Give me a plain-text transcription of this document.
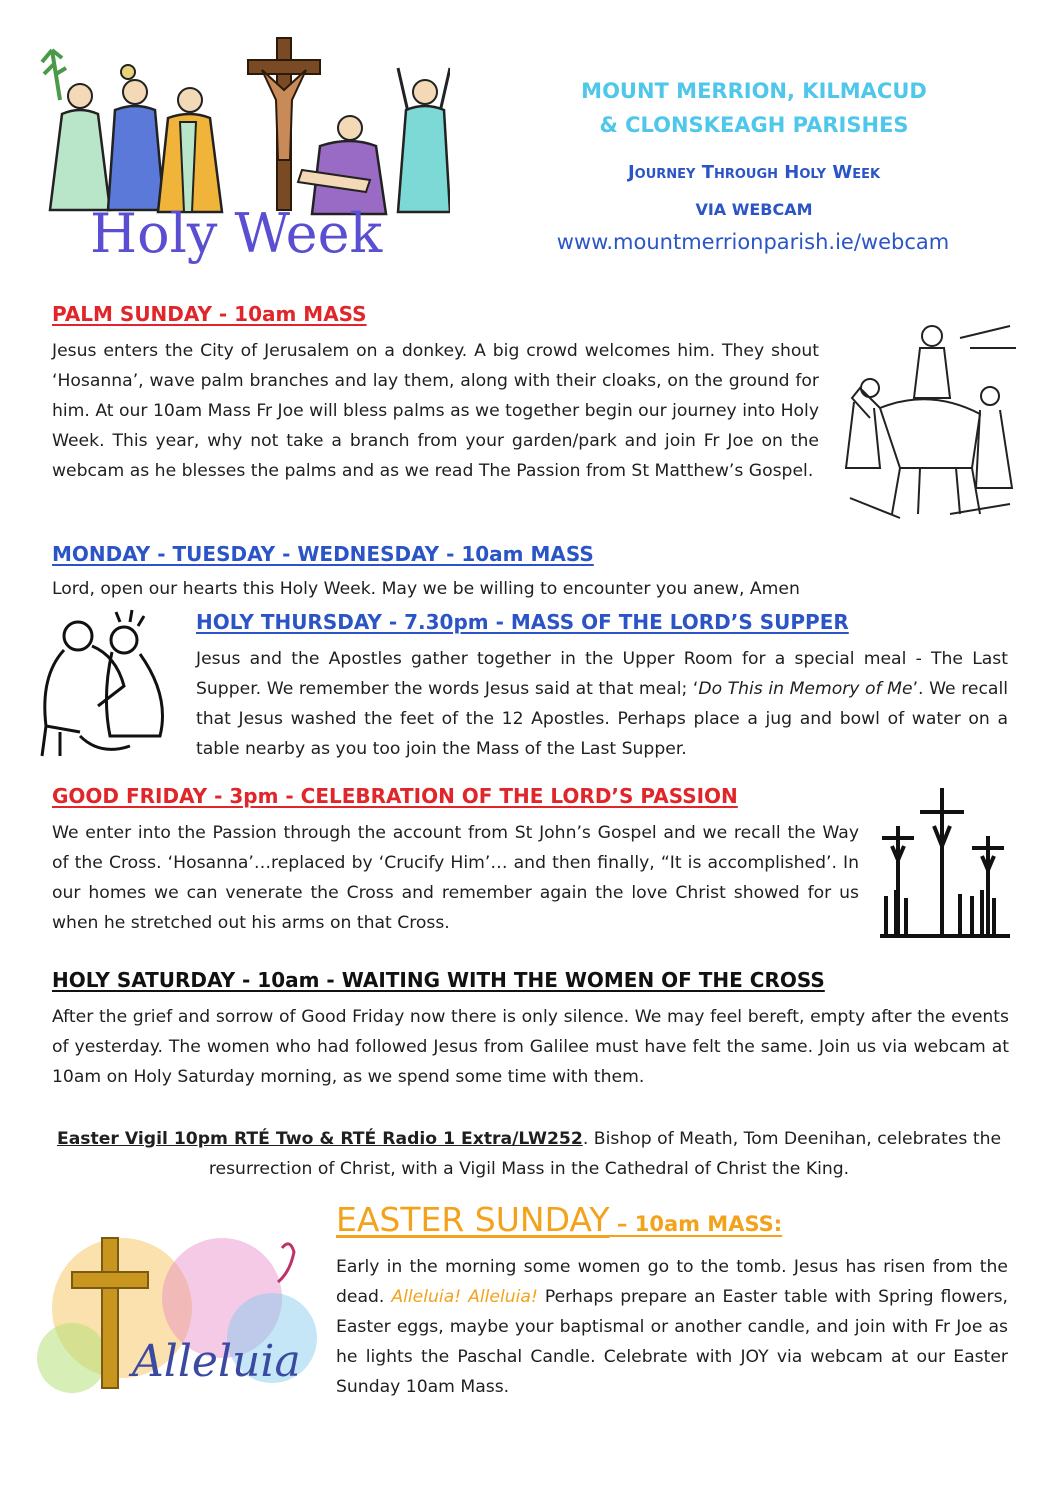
Holy Week
MOUNT MERRION, KILMACUD
& CLONSKEAGH PARISHES
Journey Through Holy Week
VIA WEBCAM
www.mountmerrionparish.ie/webcam
PALM SUNDAY - 10am MASS

Jesus enters the City of Jerusalem on a donkey. A big crowd welcomes him. They shout ‘Hosanna’, wave palm branches and lay them, along with their cloaks, on the ground for him. At our 10am Mass Fr Joe will bless palms as we together begin our journey into Holy Week. This year, why not take a branch from your garden/park and join Fr Joe on the webcam as he blesses the palms and as we read The Passion from St Matthew’s Gospel.

MONDAY - TUESDAY - WEDNESDAY - 10am MASS

Lord, open our hearts this Holy Week. May we be willing to encounter you anew, Amen

HOLY THURSDAY - 7.30pm - MASS OF THE LORD’S SUPPER

Jesus and the Apostles gather together in the Upper Room for a special meal - The Last Supper. We remember the words Jesus said at that meal; ‘Do This in Memory of Me’. We recall that Jesus washed the feet of the 12 Apostles. Perhaps place a jug and bowl of water on a table nearby as you too join the Mass of the Last Supper.

GOOD FRIDAY - 3pm - CELEBRATION OF THE LORD’S PASSION

We enter into the Passion through the account from St John’s Gospel and we recall the Way of the Cross. ‘Hosanna’…replaced by ‘Crucify Him’… and then finally, “It is accomplished’. In our homes we can venerate the Cross and remember again the love Christ showed for us when he stretched out his arms on that Cross.

HOLY SATURDAY - 10am - WAITING WITH THE WOMEN OF THE CROSS

After the grief and sorrow of Good Friday now there is only silence. We may feel bereft, empty after the events of yesterday. The women who had followed Jesus from Galilee must have felt the same. Join us via webcam at 10am on Holy Saturday morning, as we spend some time with them.

Easter Vigil 10pm RTÉ Two & RTÉ Radio 1 Extra/LW252. Bishop of Meath, Tom Deenihan, celebrates the resurrection of Christ, with a Vigil Mass in the Cathedral of Christ the King.

Alleluia
EASTER SUNDAY – 10am MASS:

Early in the morning some women go to the tomb. Jesus has risen from the dead. Alleluia! Alleluia! Perhaps prepare an Easter table with Spring flowers, Easter eggs, maybe your baptismal or another candle, and join with Fr Joe as he lights the Paschal Candle. Celebrate with JOY via webcam at our Easter Sunday 10am Mass.
